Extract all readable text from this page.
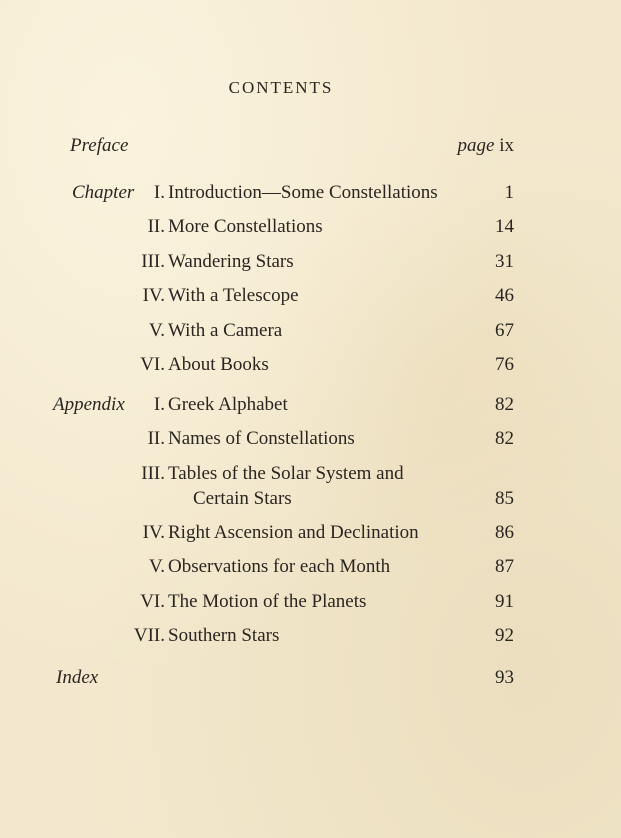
CONTENTS
Preface	page ix
Chapter I. Introduction—Some Constellations	1
II. More Constellations	14
III. Wandering Stars	31
IV. With a Telescope	46
V. With a Camera	67
VI. About Books	76
Appendix I. Greek Alphabet	82
II. Names of Constellations	82
III. Tables of the Solar System and
Certain Stars	85
IV. Right Ascension and Declination	86
V. Observations for each Month	87
VI. The Motion of the Planets	91
VII. Southern Stars	92
Index	93
